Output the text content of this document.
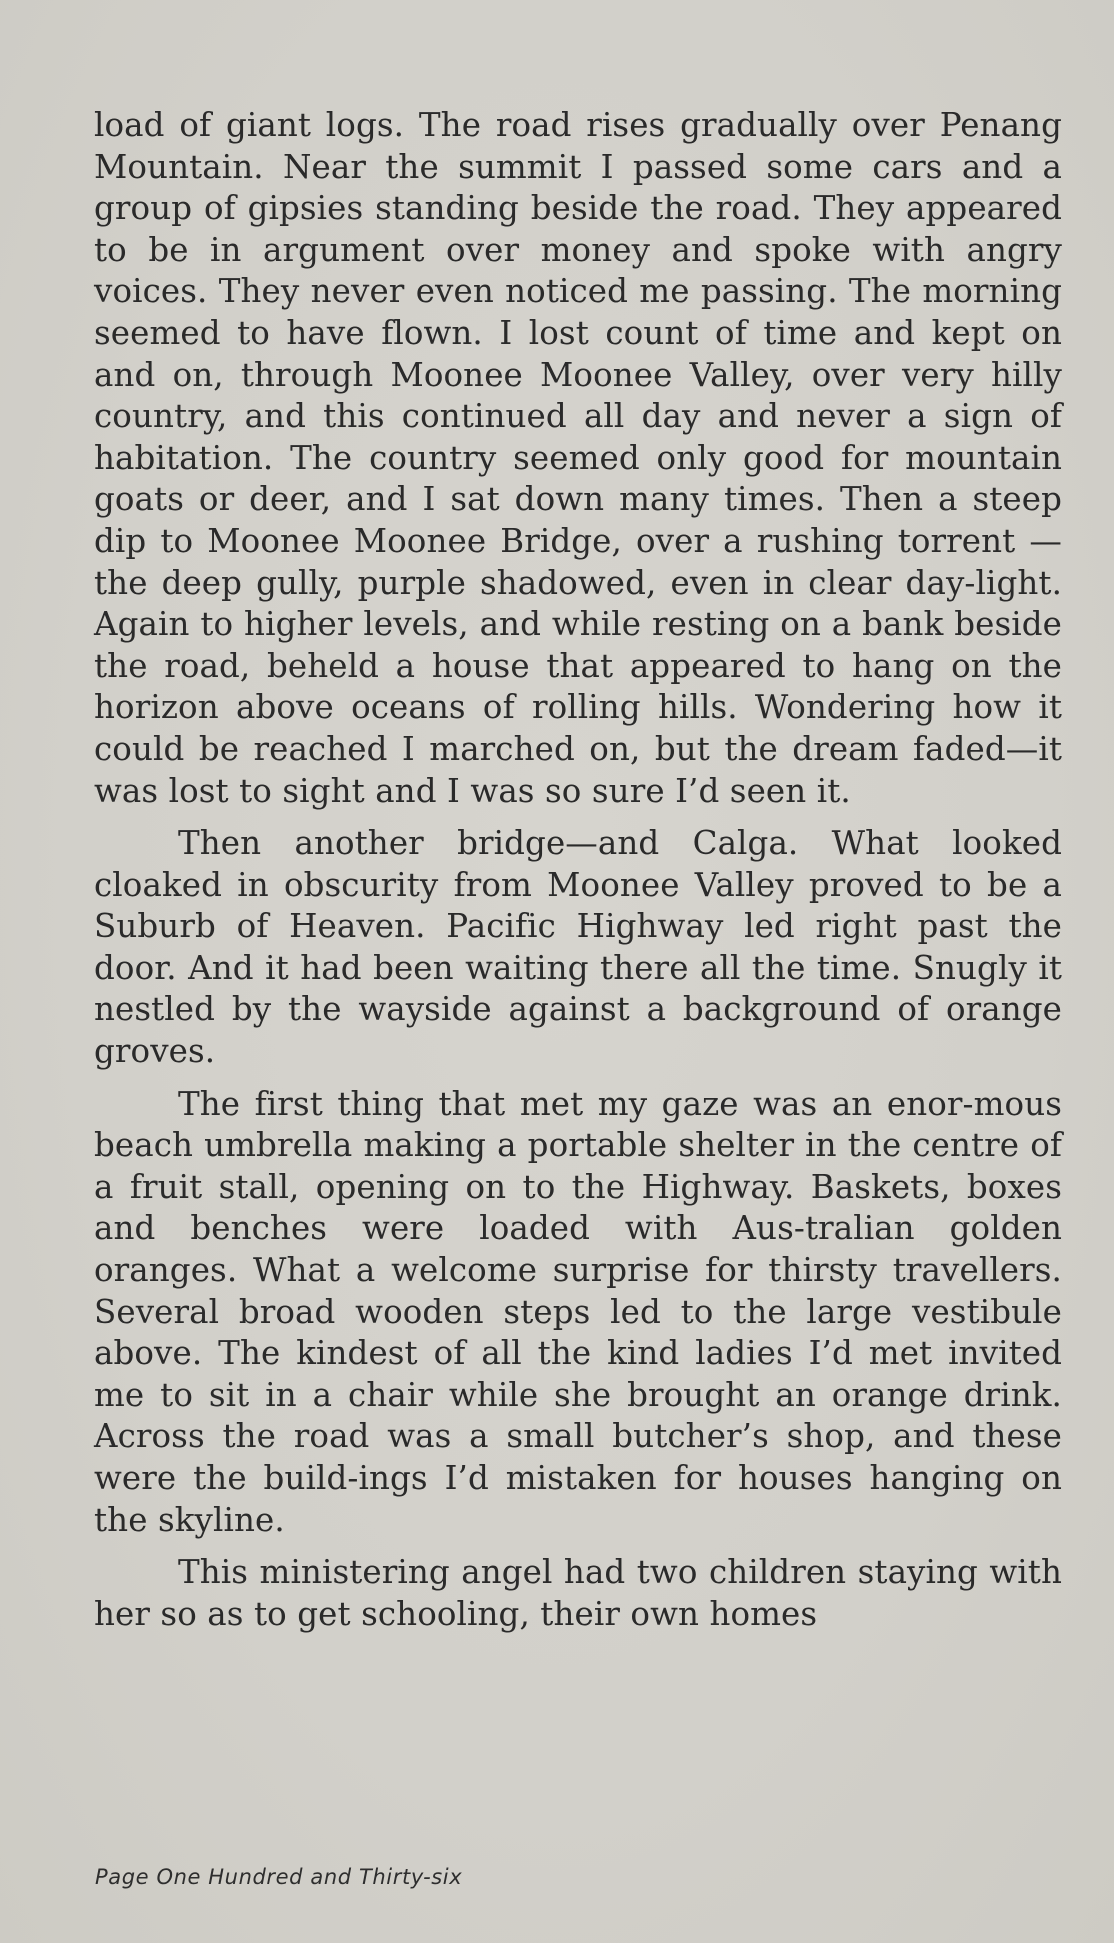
load of giant logs. The road rises gradually over Penang Mountain. Near the summit I passed some cars and a group of gipsies standing beside the road. They appeared to be in argument over money and spoke with angry voices. They never even noticed me passing. The morning seemed to have flown. I lost count of time and kept on and on, through Moonee Moonee Valley, over very hilly country, and this continued all day and never a sign of habitation. The country seemed only good for mountain goats or deer, and I sat down many times. Then a steep dip to Moonee Moonee Bridge, over a rushing torrent —the deep gully, purple shadowed, even in clear day-light. Again to higher levels, and while resting on a bank beside the road, beheld a house that appeared to hang on the horizon above oceans of rolling hills. Wondering how it could be reached I marched on, but the dream faded—it was lost to sight and I was so sure I’d seen it.

Then another bridge—and Calga. What looked cloaked in obscurity from Moonee Valley proved to be a Suburb of Heaven. Pacific Highway led right past the door. And it had been waiting there all the time. Snugly it nestled by the wayside against a background of orange groves.

The first thing that met my gaze was an enor-mous beach umbrella making a portable shelter in the centre of a fruit stall, opening on to the Highway. Baskets, boxes and benches were loaded with Aus-tralian golden oranges. What a welcome surprise for thirsty travellers. Several broad wooden steps led to the large vestibule above. The kindest of all the kind ladies I’d met invited me to sit in a chair while she brought an orange drink. Across the road was a small butcher’s shop, and these were the build-ings I’d mistaken for houses hanging on the skyline.

This ministering angel had two children staying with her so as to get schooling, their own homes

Page One Hundred and Thirty-six
